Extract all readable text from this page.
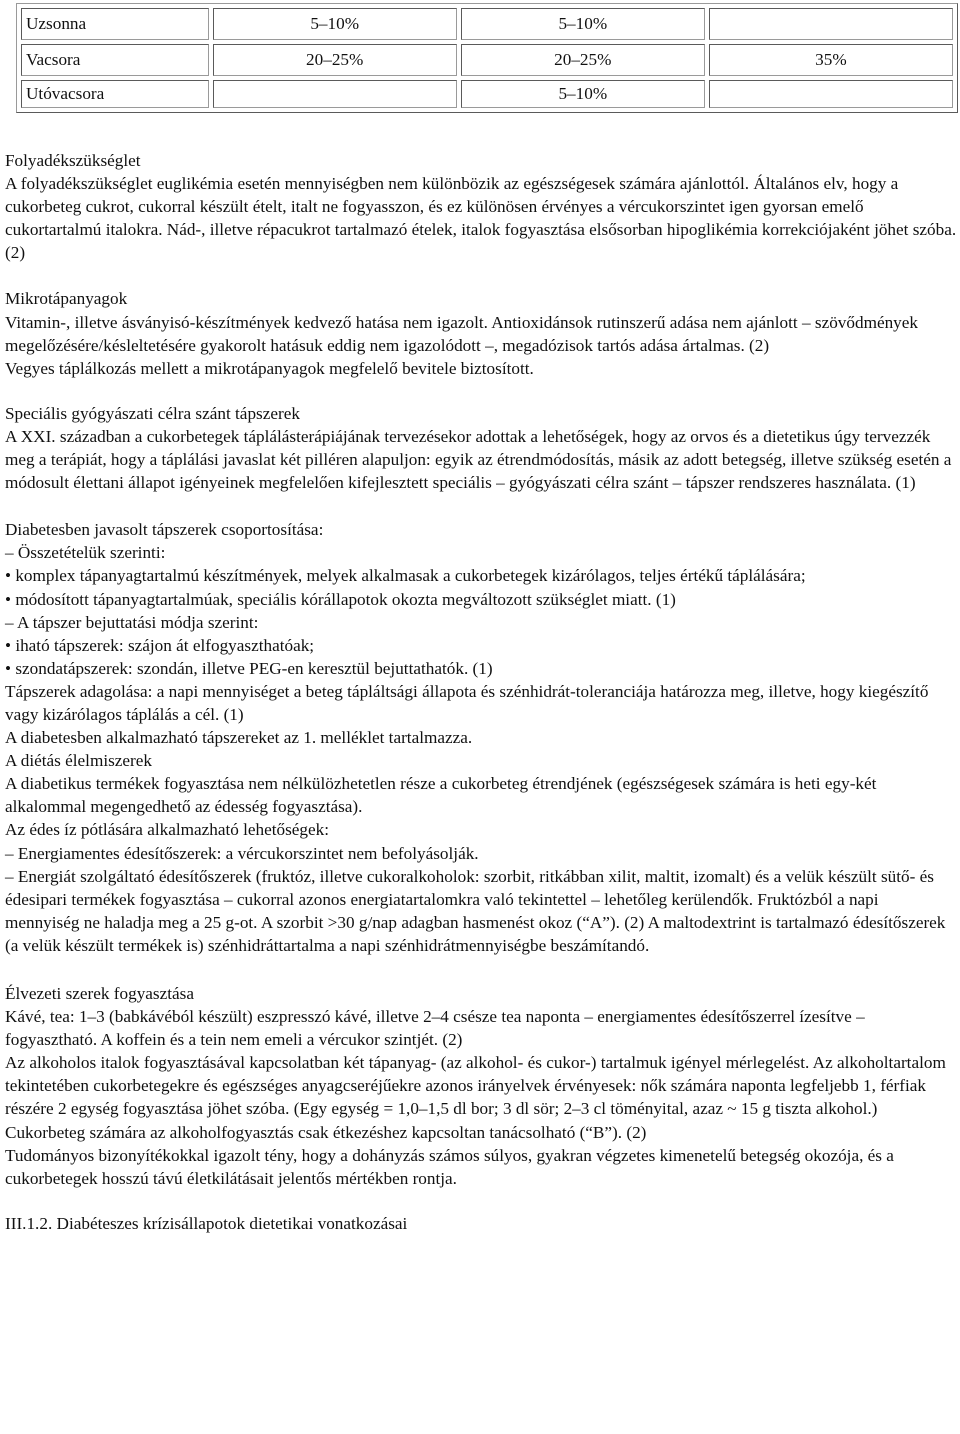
Uzsonna	5–10%	5–10%	
Vacsora	20–25%	20–25%	35%
Utóvacsora		5–10%	

Folyadékszükséglet

A folyadékszükséglet euglikémia esetén mennyiségben nem különbözik az egészségesek számára ajánlottól. Általános elv, hogy a cukorbeteg cukrot, cukorral készült ételt, italt ne fogyasszon, és ez különösen érvényes a vércukorszintet igen gyorsan emelő cukortartalmú italokra. Nád-, illetve répacukrot tartalmazó ételek, italok fogyasztása elsősorban hipoglikémia korrekciójaként jöhet szóba. (2)

Mikrotápanyagok

Vitamin-, illetve ásványisó-készítmények kedvező hatása nem igazolt. Antioxidánsok rutinszerű adása nem ajánlott – szövődmények megelőzésére/késleltetésére gyakorolt hatásuk eddig nem igazolódott –, megadózisok tartós adása ártalmas. (2)

Vegyes táplálkozás mellett a mikrotápanyagok megfelelő bevitele biztosított.

Speciális gyógyászati célra szánt tápszerek

A XXI. században a cukorbetegek táplálásterápiájának tervezésekor adottak a lehetőségek, hogy az orvos és a dietetikus úgy tervezzék meg a terápiát, hogy a táplálási javaslat két pilléren alapuljon: egyik az étrendmódosítás, másik az adott betegség, illetve szükség esetén a módosult élettani állapot igényeinek megfelelően kifejlesztett speciális – gyógyászati célra szánt – tápszer rendszeres használata. (1)

Diabetesben javasolt tápszerek csoportosítása:

– Összetételük szerinti:

• komplex tápanyagtartalmú készítmények, melyek alkalmasak a cukorbetegek kizárólagos, teljes értékű táplálására;

• módosított tápanyagtartalmúak, speciális kórállapotok okozta megváltozott szükséglet miatt. (1)

– A tápszer bejuttatási módja szerint:

• iható tápszerek: szájon át elfogyaszthatóak;

• szondatápszerek: szondán, illetve PEG-en keresztül bejuttathatók. (1)

Tápszerek adagolása: a napi mennyiséget a beteg tápláltsági állapota és szénhidrát-toleranciája határozza meg, illetve, hogy kiegészítő vagy kizárólagos táplálás a cél. (1)

A diabetesben alkalmazható tápszereket az 1. melléklet tartalmazza.

A diétás élelmiszerek

A diabetikus termékek fogyasztása nem nélkülözhetetlen része a cukorbeteg étrendjének (egészségesek számára is heti egy-két alkalommal megengedhető az édesség fogyasztása).

Az édes íz pótlására alkalmazható lehetőségek:

– Energiamentes édesítőszerek: a vércukorszintet nem befolyásolják.

– Energiát szolgáltató édesítőszerek (fruktóz, illetve cukoralkoholok: szorbit, ritkábban xilit, maltit, izomalt) és a velük készült sütő- és édesipari termékek fogyasztása – cukorral azonos energiatartalomkra való tekintettel – lehetőleg kerülendők. Fruktózból a napi mennyiség ne haladja meg a 25 g-ot. A szorbit >30 g/nap adagban hasmenést okoz (“A”). (2) A maltodextrint is tartalmazó édesítőszerek (a velük készült termékek is) szénhidráttartalma a napi szénhidrátmennyiségbe beszámítandó.

Élvezeti szerek fogyasztása

Kávé, tea: 1–3 (babkávéból készült) eszpresszó kávé, illetve 2–4 csésze tea naponta – energiamentes édesítőszerrel ízesítve – fogyasztható. A koffein és a tein nem emeli a vércukor szintjét. (2)

Az alkoholos italok fogyasztásával kapcsolatban két tápanyag- (az alkohol- és cukor-) tartalmuk igényel mérlegelést. Az alkoholtartalom tekintetében cukorbetegekre és egészséges anyagcseréjűekre azonos irányelvek érvényesek: nők számára naponta legfeljebb 1, férfiak részére 2 egység fogyasztása jöhet szóba. (Egy egység = 1,0–1,5 dl bor; 3 dl sör; 2–3 cl töményital, azaz ~ 15 g tiszta alkohol.) Cukorbeteg számára az alkoholfogyasztás csak étkezéshez kapcsoltan tanácsolható (“B”). (2)

Tudományos bizonyítékokkal igazolt tény, hogy a dohányzás számos súlyos, gyakran végzetes kimenetelű betegség okozója, és a cukorbetegek hosszú távú életkilátásait jelentős mértékben rontja.

III.1.2. Diabéteszes krízisállapotok dietetikai vonatkozásai
